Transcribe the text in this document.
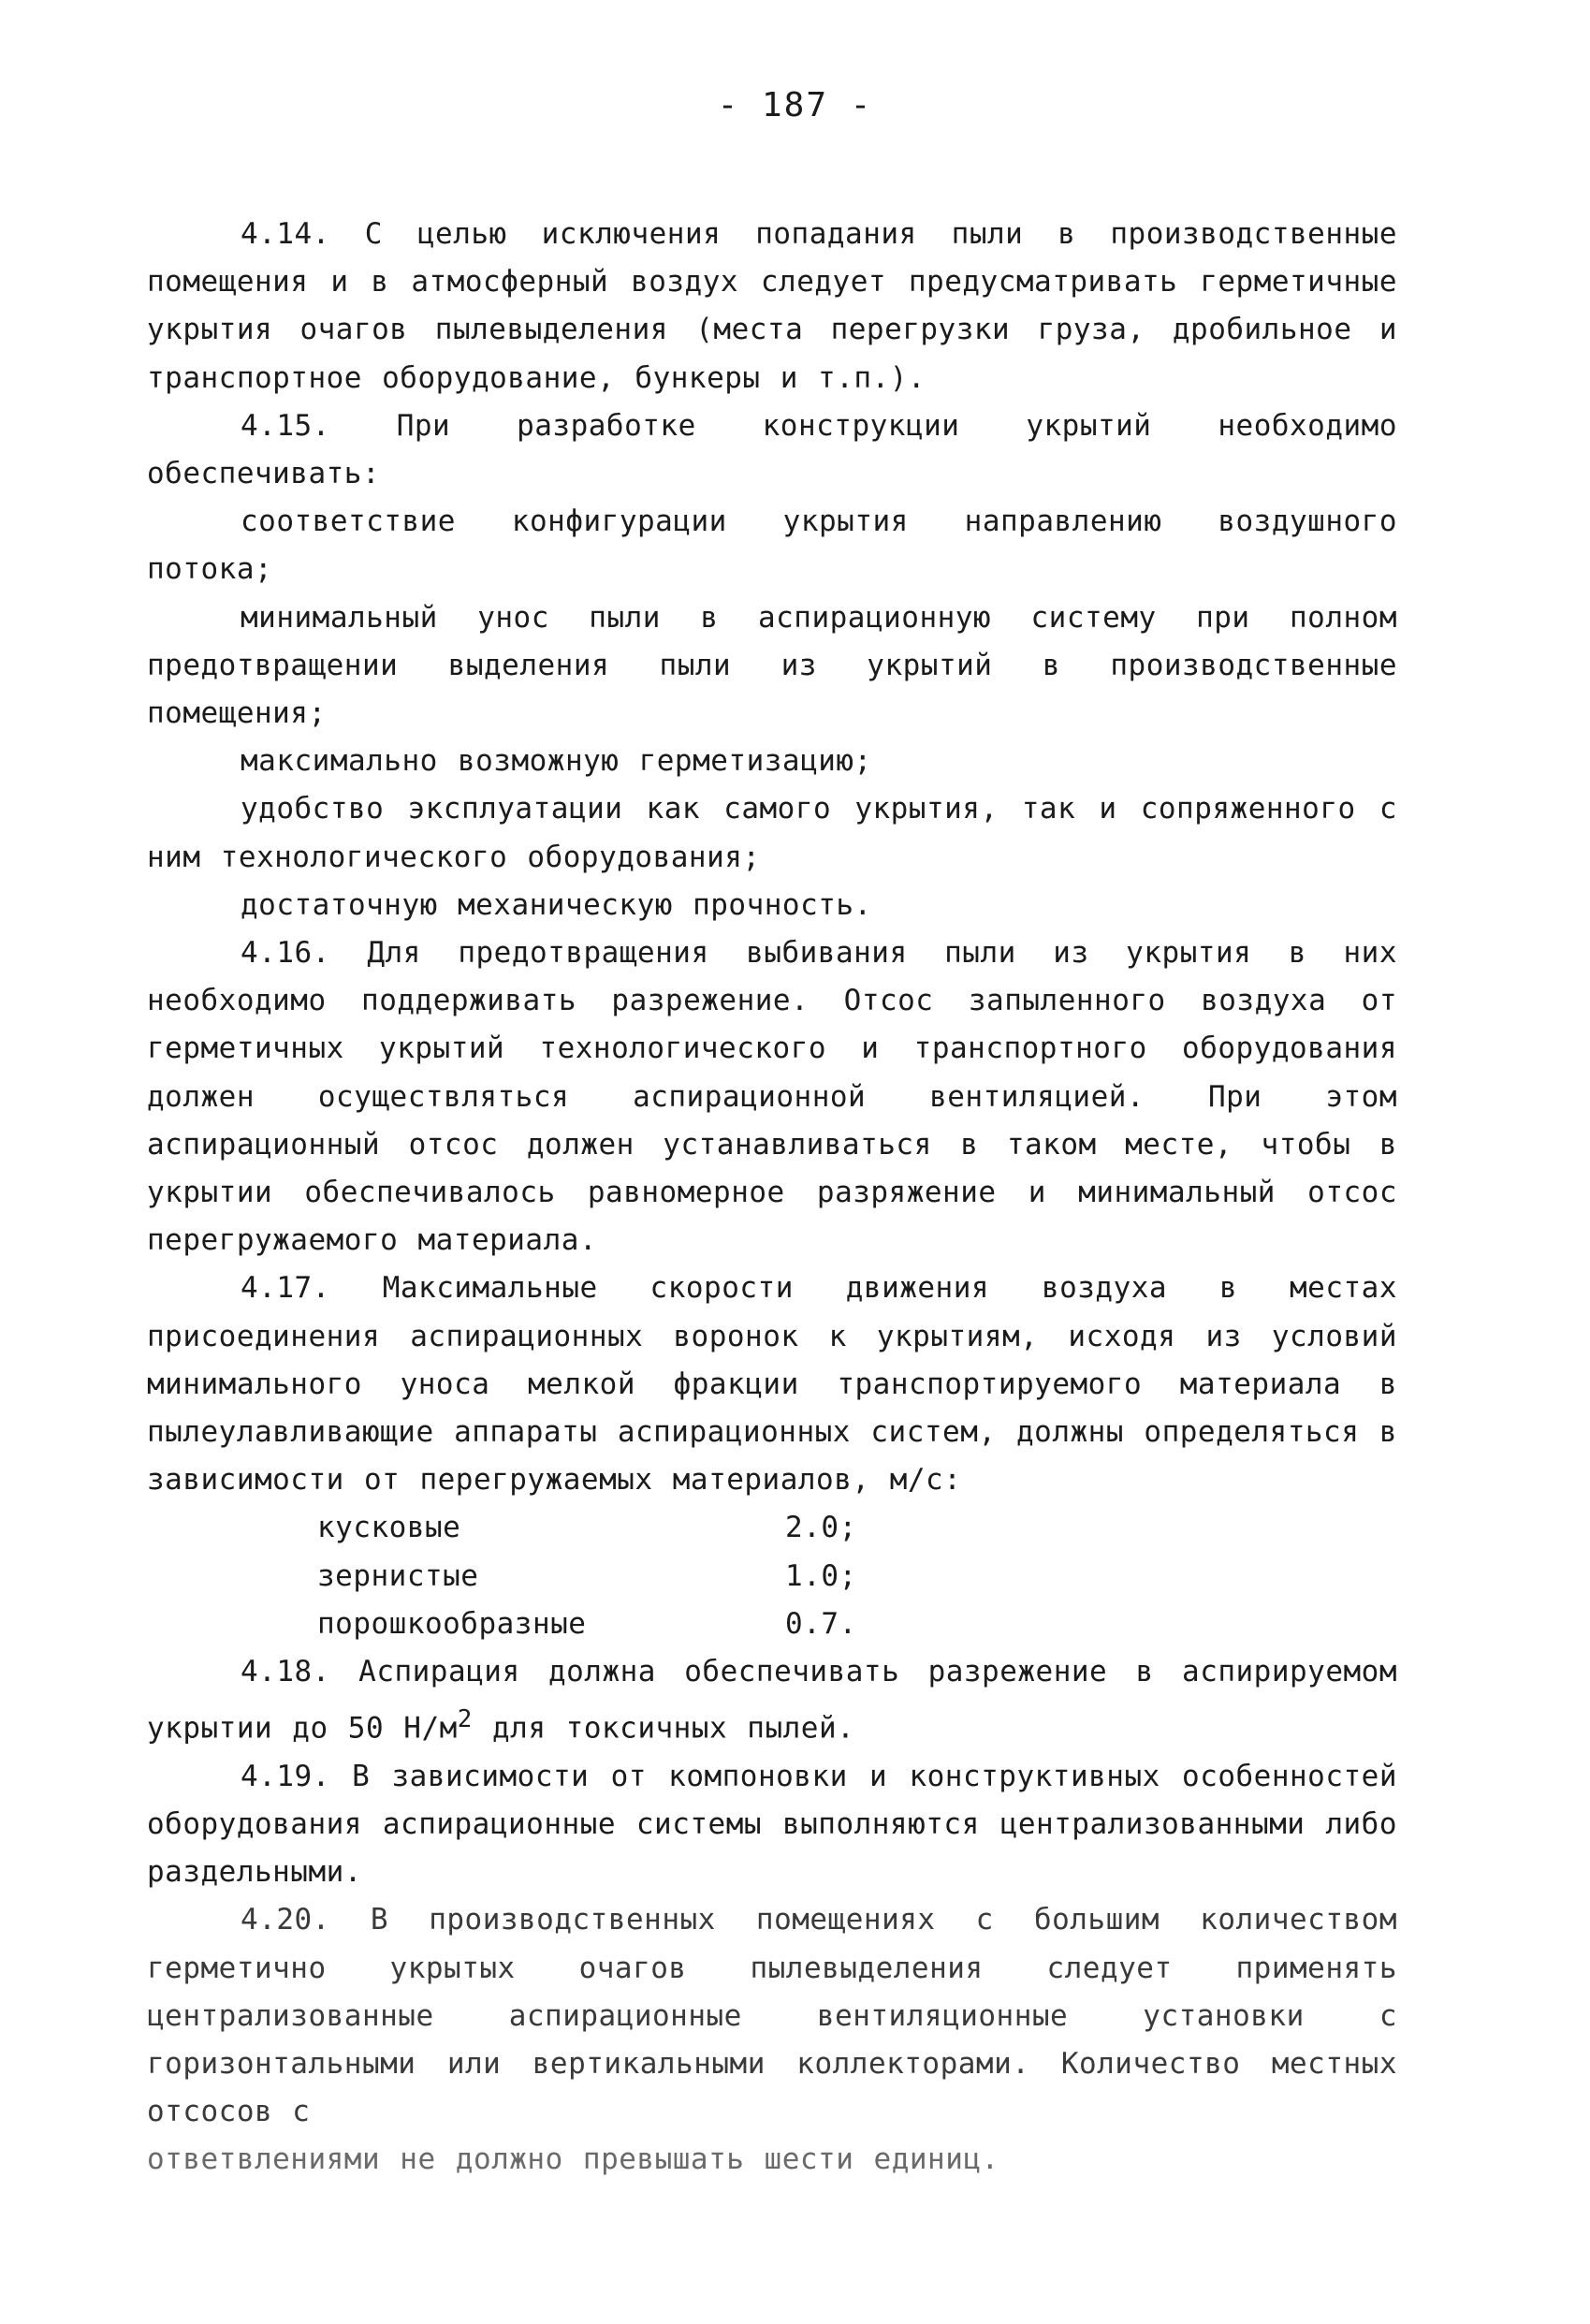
- 187 -

4.14. С целью исключения попадания пыли в производственные помещения и в атмосферный воздух следует предусматривать герметичные укрытия очагов пылевыделения (места перегрузки груза, дробильное и транспортное оборудование, бункеры и т.п.).

4.15. При разработке конструкции укрытий необходимо обеспечивать:

соответствие конфигурации укрытия направлению воздушного потока;

минимальный унос пыли в аспирационную систему при полном предотвращении выделения пыли из укрытий в производственные помещения;

максимально возможную герметизацию;

удобство эксплуатации как самого укрытия, так и сопряженного с ним технологического оборудования;

достаточную механическую прочность.

4.16. Для предотвращения выбивания пыли из укрытия в них необходимо поддерживать разрежение. Отсос запыленного воздуха от герметичных укрытий технологического и транспортного оборудования должен осуществляться аспирационной вентиляцией. При этом аспирационный отсос должен устанавливаться в таком месте, чтобы в укрытии обеспечивалось равномерное разряжение и минимальный отсос перегружаемого материала.

4.17. Максимальные скорости движения воздуха в местах присоединения аспирационных воронок к укрытиям, исходя из условий минимального уноса мелкой фракции транспортируемого материала в пылеулавливающие аппараты аспирационных систем, должны определяться в зависимости от перегружаемых материалов, м/с:

кусковые	2.0;
зернистые	1.0;
порошкообразные	0.7.

4.18. Аспирация должна обеспечивать разрежение в аспирируемом укрытии до 50 $Н/м^2$ для токсичных пылей.

4.19. В зависимости от компоновки и конструктивных особенностей оборудования аспирационные системы выполняются централизованными либо раздельными.

4.20. В производственных помещениях с большим количеством герметично укрытых очагов пылевыделения следует применять централизованные аспирационные вентиляционные установки с горизонтальными или вертикальными коллекторами. Количество местных отсосов с

ответвлениями не должно превышать шести единиц.
